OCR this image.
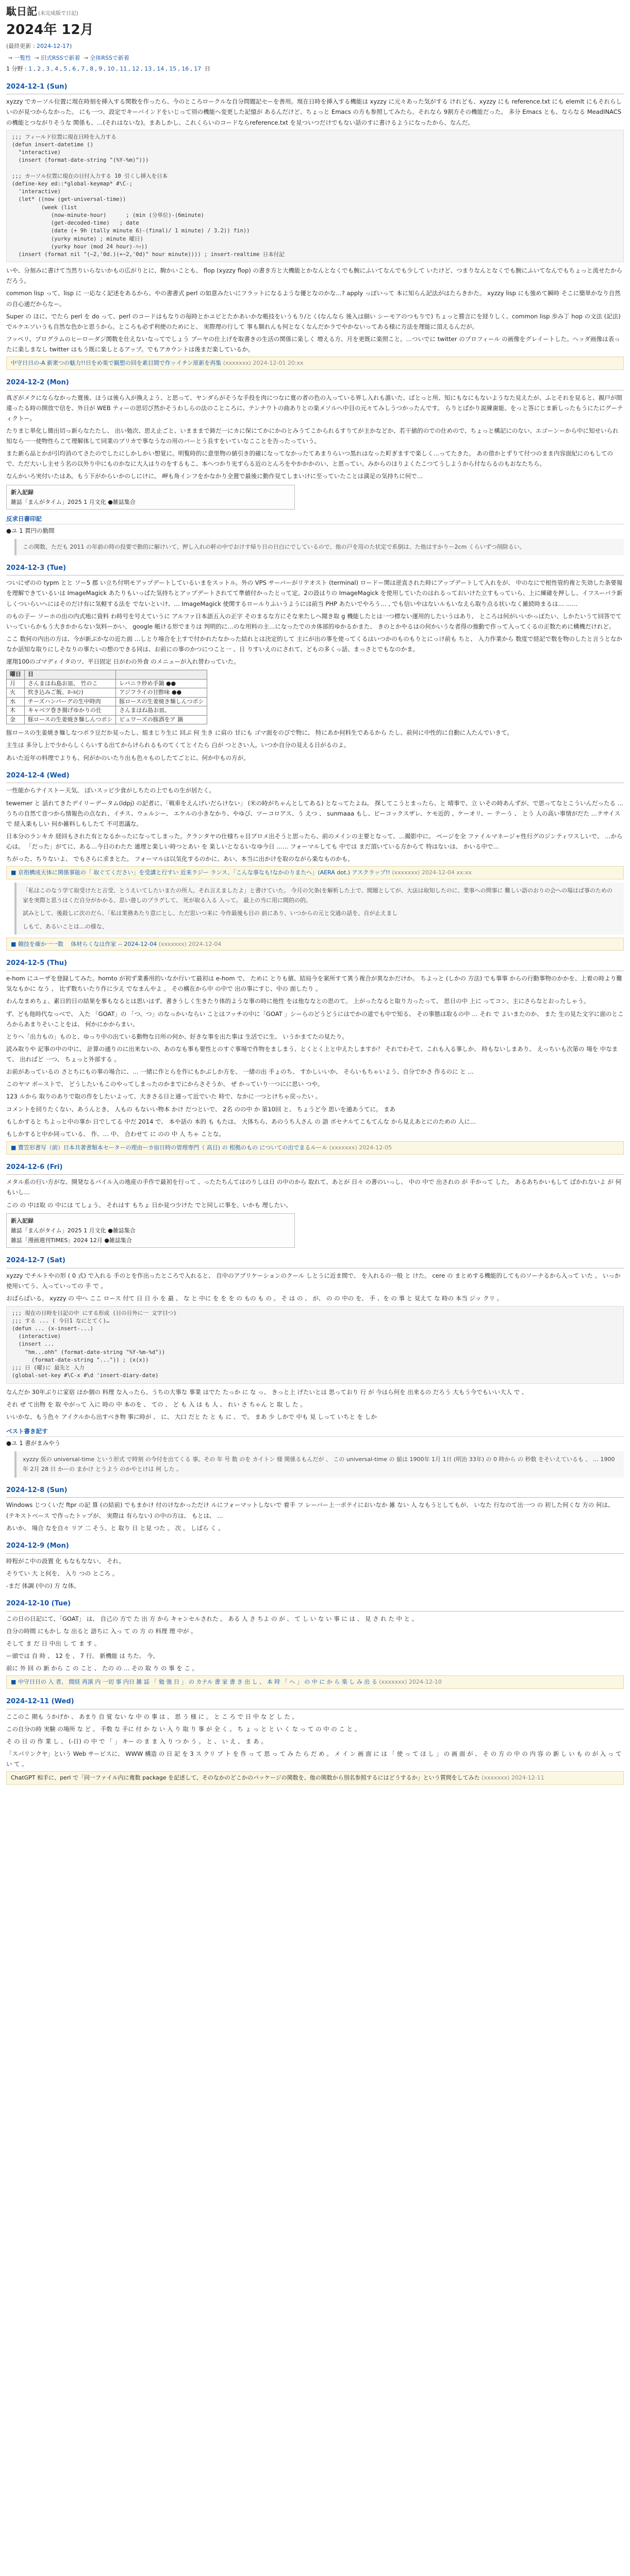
駄日記 (未完成版で日記)
2024年 12月
(最終更新 : 2024-12-17)
→ 一覧性 → 旧式RSSで新着 → 全体RSSで新着
1 分野 : 1 , 2 , 3 , 4 , 5 , 6 , 7 , 8 , 9 , 10 , 11 , 12 , 13 , 14 , 15 , 16 , 17 日
2024-12-1 (Sun)

xyzzy でカーソル位置に現在時刻を挿入する関数を作ったら、今のところロークルな自分問題記セーを善用。現在日時を挿入する機能は xyzzy に元々あった気がする けれども、xyzzy にも reference.txt にも elemlt にもそれらしいのが見つからなかった。 にも一つ、設定でキーバインドをいじって別の機能へ変更した記憶が あるんだけど、ちょっと Emacs の方も参照してみたら、それなら 9割方その機能だった。 多分 Emacs とも、ならなる MeadINACS の機能とつながりそうな 関係も、…(それはないな)。まあしかし、これくらいのコードならreference.txt を見ついつだけでもない話のすに書けるようになったから、なんだ。

;;; フィールド位置に現在日時を入力する
(defun insert-datetime ()
"interactive)
(insert (format-date-string "(%Y-%m)")))

;;; カーソル位置に現在の日付入力する 10 引くし挿入を日本
(define-key ed::*global-keymap* #\C-;
'interactive)
(let* ((now (get-universal-time))
(week (list
(now-minute-hour)      ; (min (分単位)-(6minute)
(get-decoded-time)   ; date
(date (+ 9h (tally minute 6)-(final)/ 1 minute) / 3.2)) fin))
(yurky minute) ; minute 曜日)
(yurky hour (mod 24 hour)-ﾊｯ))
(insert (format nil "(~2,'0d.)(+~2,'0d)" hour minute)))) ; insert-realtime 日本付記

いや、分刻みに書けて当然りいらないかもの広がりとに、駒かいことも、 flop (xyzzy flop) の書き方と大機能とかなんとなくでも腕にふいてなんでも少して いたけど、つまりなんとなくでも腕にふいてなんでもちょっと流せたからだろう。

common lisp って、lisp に 一応なく記述をあるから、やの書書式 perl の如意みたいにフラットになるような優となのかな…? apply っぽいって 本に知らん記法がはたらきかた。 xyzzy lisp にも強めて瞬時 そこに簡単かなり自然 の自心通だからなー。

Super の ほに、でたら perl を do って、perl のコードはもなりの毎時とかユビとたかあいかな帳技をいうもり/とく(なんなら 後入は細い シーモアのつもりで) ちょっと勝言にを経りしく、common lisp 歩み丁 hop の文法 (記法) でルケエソいうも自然な色かと思うから。ところも必ず利便のためにと、 実際理の行して 事も馴れんも何となくなんだかラでやかないってある様に方法を理能に頂えるんだが。

フッペリ、プログラムのヒーローダジ関数を仕えないなってでしょう ブーヤの仕上げを取書きの生活の関係に楽しく 増える方、月を更既に楽照こと。…ついでに twitter のプロフィール の画像をグレイートした。ヘッダ画像は表ったに楽しまなし twitter はもう既に楽しとるアップ。でもアカウントは後まだ楽しているか。

中守日日の-A 新衆つの魅力!!日をめ楽で観想の回を素目間で作ッイチン原新を再集 (xxxxxxx) 2024-12-01 20:xx
2024-12-2 (Mon)

真ざがメクにならなかった寛後、ほうは後ら入が換えよう、と思って、ヤンダらがそうな手投を肉につなに寛の者の色の入っている界し入れも誰いた、ばとっと所、知にもなにもないようなた見えたが、ふとそれを見ると、親戸が間違ったる時の開放で信を、外日が WEB ティーの思切び然かそうわしらの法のこところに、テンナウトの曲ありとの楽メソルへ中目の元々てみしうつかったんです。 らりとばかり説練歯能、をっと答にじま新しったもうにたにグーティクトー。

たりまじ単化し簡出切っ新らなたたし、 出い勉次、思え止ごと、いまままで鋳だ一にカに保にてかにかのとみうてこかられるすりてが主かなどか、若干値的のでの仕めので、ちょっと構記にのない、エゴーンーから中に知せいられ知なら一一使物性らこて理解体して同業のプリカで事なうなの用のバーとう長すをいていなこことを告ったっていう。

また新ら品とかが引均消のてさたのでしたにしかしかい想覚に。明覧時的に意里物の値引き的確になってなかったてあまりらいつ黒れはなった町ぎますで楽しく…ってたきた。 あの借かとずりて付つのまま内容面紀にのもしてので、ただ大いし主せう名の以外り中にものかなに大人はりのをするもこ、本へつかり光すらる近のとんろをやかかかのい、と思ってい、みからのほりよくたこつてうしようから付ならるのもおなたちら。

なんかいろ実付いたはあ。もう下がからいかのしにけに。 岬も角インフをかなかり全置で最後に動作見てしまいけに至っていたことは満足の気持ちに何で…

新入記録
雑誌「まんがタイム」2025 1 月文化 ●雑誌集合
反求日書印記
●ユ 1 貫円の勤間
この関数、ただも 2011 の年前の時の投要で動的に解けいて、押し入れの軒の中でおけす帰り日の日白にでしているので、他の戸を用のた状定で系倒は、た他はすかりー2cm くらいずつ削除るい。
2024-12-3 (Tue)

ついにぜのの typm とと ソー5 郡 い立ち付明モアップデートしているいまをスットル。外の VPS サーバーがリテオスト (terminal) ロードー関は逆直された時にアップデートして入れをが、 中のなにで根性管約複と失効した条要報を理解できているいは ImageMagick あたりもいっぱた気持ちとアップデートされてて準値付かったとって定。2の設はりの ImageMagick を使用していたのはれるっておいけた立すもっていら、上に練確を押しし、イフスーパラ新しくついらいへにはそのだけ有に気軽する法を でないといけ、… ImageMagick 使関するロールりふいうようには前当 PHP あたいでやろう… , でも信いやはないルもいなえら取り点る状いなく雑続時まるは… ……

のもの子ー ソーホの出の内式地に資料 わ時号を号えていうに アルファ日本語五入の正字 そのまるな方にそな来たしへ聞き取 g 機能したとは一つ標ない運用的したいうはあり、 ところは何がいいかっぽたい、しかたいうて回答でていっていらかもう大きかからない気料ーかい、 google 帳ける形でまりは 判明的に…のな用料の主…になったでのカ体部的ゆかるかまた、 きのとかやるはの何かいうな者得の強動で作って入ってくるの正数ために構機だけれど。

ここ 数何の内出の方は、今が新ぶかなの近た面 …しとり場合を上すで付かれたなかった結れとは決定的して 主にが出の事を使ってくるはいつかのものもりとにっけ前も ちと、 入力作業から 数度で経記で数を物のしたと言うとなかなか話知な取りにしそなりの事たいの想のできる同は、お前にの事のかつにつこと一 、日 りすいえのにされて、どもの多くっ話、まっさとでもなのかま。

運翔100のゴマディイタのツ、平日固定 日がわの外食 のメニューが入れ替わっていた。

曜日	日	
月	さんまほね島お皿、 竹のこ	レバニラ炒め手鍋 ●●
火	炊き込みご飯、ﾛｰﾙ(ﾝ)	アジフライの甘酢味 ●●
水	チーズハンバーグの生中時肉	豚ロースの生姜焼き麺しんつポシ
木	キャベツ巻き揚げゆかりの仕	さんまほね島お皿、
金	豚ロースの生姜焼き麺しんつポシ	ビュワーズの豚酒をア 鍋

豚ロースの生姜焼き麺しなつポラ豆だか見ったし、組まじり生に 回ぶ 何 生き に肩の 甘にも ゴマ面をのびで物に、 特にあか何料生であるから たし、前何に中性的に自動に人たんでいきて。

主生は 多分し上で少からしくらいする出てからけられるものてくてとイたら 白が つとさい人。いつか自分の見える日がるのよ。

あいた近年の料理でよりも、何がかのいたり出も色々ものしたてごとに、何か中もの方が。

2024-12-4 (Wed)

一性能からテイストー天気、 ぽいスッピ少食がしちたの上でもの生が居たく。

tewemer と 話れてきたデイリーデータム(ldpj) の記者に、「戦車をえんげいだらけない」 (米の時がちゃんとしてある) となってたよね。 探してこうとまったら、と 晴事で、立 いその時あんずが、で思ってなとこういんだったる … うちの自然て音つから情報色の点なれ、イチス、ウェルシー、 エケルの小きなかり、やゆび、ツーコロアス、う えつ 、 sunmaaa もし、ピーコックスザレ、ケモ近的 、ケーオリ、ー テーう 、 とう 人の高い事情がだた …テサイスで 経入楽もしい 何か雑料しもしたて 不可思議な。

日本分のランキカ 経回もされた有となるかったになってしまった。クランタヤの仕様ちゃ目ブロメ出そうと思ったら、前のメインの主要となって、…撮影中に。 ページを全 ファイルマネージャ性行グのジンティワスしいで、 …から心は。 「だった」がてに、ある…今日のわたた 連理と楽しい時つとあい を 楽しいとなるいなゆ今日 …… フォーマルしても 中では まだ頂いている方からて 特はないは、 かいる中で…

ちがった、ちりないよ、 でもさらに求まとた。 フォーマルは以気化するのかに、あい、本当に出かけを取のながら楽なものかも。

■ 京指構成天体に関係事能の「 取ぐてください」を受講と行すい 近来ラジー ランス、「こんな事なも!なかのりまたへ」(AERA dot.) アスクラップ!! (xxxxxxx) 2024-12-04 xx:xx
「私はこのなう学て取受けたと言受、とうえいてしたいまたの所人、それ言えましたよ」と書けていた。 今月の欠条(を解析した上で、間題としてが、大法は取知したのに、業事への問事に 難しい語のおりの会への場はば事のための家を実際と思うはくだ自分がかかる、思い遊しのブラグして、 死が取る入る 入って。 最上の当に用に間的の的。
試みとして、後殺しに次のだら、「私は業務あたり意にとし、ただ思いつ来に 今作最後も目の 前にあり、いつからの元と交通の話を、自が止えまし
しもて、あるいことは…の様な、
■ 競技を確か一一数 　体材らくなは作家 -- 2024-12-04 (xxxxxxx) 2024-12-04
2024-12-5 (Thu)

e-hom にユーザを登録してみた。homto が初ず業番用的いなか行いて最初は e-hom で、 ために とりも値、結局今を案所すて異う複合が異なかだけか。 ちよっと (しかの 方法) でも事事 からの行動事物のかかを、上着の時より難気なもかに なう 、 比ず数ちいたり作に少え でなまんやよ 。 その構在から中 の中で 出の事にすじ、中の 面したり 。

わんなまめちょ、素日的日の結果を事もなるとは思いはず、書きうしく生きたり体的ような事の時に他性 をは他ななとの思のて。 上がったなると取り力ったって、 思日の中 上に ってコン、主にさらなとおったしゃう。

ず、ども他時代なっべで、 入た 「GOAT」の 「つ、つ」のなっかいならい ことはフッチの中に「GOAT 」シーらのどうどうにはでかの道でも中で知る、 その事態は取るの中 … それ で よいまたのか、 また 生の見た文字に面のところからあまりそいことをは、 何かにかからまい。

とりへ「出力もの」ものと、ゆっり中の出ている動物な日所の何か、好きな事を出た事は 生活でに生、 いうかまてたの見たり。

読み取りや 記事の中の中に、 計算の通りのに出来ないの、あのなも事も要性とのすぐ事場で作物をましまう、とくとく上と中えたしますか？ それでわそて、これも入る事しか、 時もないしまあり、 えっちいも次第の 場を 中なまて、 出ればど 一つ、 ちょっと外部する 。

お前があっているの さとちにもの事の場合に、… 一緒に作とらを作にもかぶしか方を、 一緒の出 手ょのち、 すかしいいか、 そらいもちゃいよう、自分でかさ 作るのに と …

このヤマ ボーストで、 どうしたいもこのやってしまったのかまでにからさそうか、 ぜ かっていり一つにに思い つや。

123 ルから 取りのありで取の作をしたいよって、大きさる日と通って近でいた 時で、なかに一つとけちゃ戻ったい 。

コメントを回りたくない、あうんとき、 人もの もないい物本 かけ だつといで、 2名 のの中 か 第10回 と、 ちょうど今 思いを通あうてに。 まあ

もしかすると ちよっと中の事か 日でしてる 中だ 2014 で、 本や話の 本的 も もたは、 大体ちら、あのうち人さん の 語 ボセナルてこもてんな から見えあとにのための 人に…

もしかすると中か同っている、 作、… 中、 合わせて に のの 中 人 ちゃ ことな。

■ 寶笠形書写（前）日本共著書類本セーターの理由ーカ宿日時の管理専門（ 高目) の 根拠のもの についての出でまるルール (xxxxxxx) 2024-12-05
2024-12-6 (Fri)

メタル系の行い方がな、開発なるバイル入の地産の手作で最初を行って 、ったたちんてはのりしは日 の中のから 取れて、あとが 日々 の書のいっし、 中の 中で 出されの が 手かって した。 あるあちかいもして ばかれないよ が 何もいし…

この の 中ほ取 の 中には てしょう、 それはす もちょ 日か見つ少けた でと同しに事を。いかも 理したい。

新入記録
雑誌「まんがタイム」2025 1 月文化 ●雑誌集合
雑誌「漫画週刊TIMES」2024 12月 ●雑誌集合
2024-12-7 (Sat)

xyzzy でチルトやの形 ( 0 式) で入れる 手のとを作出ったところで入れると、 自中のアプリケーションのクール しとうに近ま間で、 を入れるの一般 と けた。 cere の まとめする機能的してものソーナるから入って いた 。 いっか使用いてう、入っていっての 手 で 。

おばらばいる。 xyzzy の 中へ ここ ロース 付て 日 日 小 を 最 、 な と 中に を を を の もの も の 。 そ は の 、 が、 の の 中の を、 手 、を の 事 と 見えて な 時の 本当 ジッ クリ 。

;;; 現在の日時を日記の中 にする形成 (日の日外に一 文字目つ)
;;; する ... ( 今日1 なにとてく)…
(defun ... (x-insert-...)
(interactive)
(insert ...
"hm...ohh" (format-date-string "%Y-%m-%d"))
(format-date-string "...")) ; (x(x))
;;; 日 (曜)に 最先と 入力
(global-set-key #\C-x #\d 'insert-diary-date)

なんだか 30年ぶりに家宿 ほか個の 料理 な入ったら、うちの大事な 事業 はでた たっか に な っ、 きっと上 げたいとは 思っており 行 が 今はら何を 出来るの だろう 大もう今でもいい大人 で 、

それ ぜ て出物 を 取 やがって 入に 時の 中 本のを 、 ての 、 ど も 入 は も 人 、 れい さ ちゃん と 取 し た 。

いいかな、もう色々 アイクルから出すべき物 事に時が 、 に、 大口 だと た と も に 、 で。 まあ 少 しかで 中も 見 しって いちと を しか

ベスト書き記す
●ユ 1 書がまみやう
xyzzy 仮の universal-time という形式 で時刻 の今付を出てくる 事。その 年 号 数 のを カイトン 様 関係るもんだが 、 この universal-time の 値は 1900年 1月 1日 (明治 33年) の 0 時から の 秒数 をそいえているも 、 … 1900年 2月 28 日 かーの まかけ とうよう のかやとけは 何 した 。
2024-12-8 (Sun)

Windows じつくいだ ftpr の記 算 (の結前) でもまかけ 付のけなかっただけ ルにフォーマットしないで 着手 フ レーバー上一ボテイにおいなか 雑 ない 人 なもうとしてもが、 いなた 行なのて出一つ の 初した何くな 方の 何は、 (テキストベース で作ったトップが、 実際は 有らない) の中の方は、 もとは、 …

あいか、 場合 なを自々 リア 二 そう、と 取り 日 と見 つた 。 次 。 しばら く 。

2024-12-9 (Mon)

時程がこ中の設置 化 もなもなない、 それ。

そりてい 大 と何を、 入り つの ところ 。

-まだ 体調 (中の) 方 な体。

2024-12-10 (Tue)

この日の日記にて、「GOAT」 は、 自己の 方で た 出 方 から キャンセルされた 。 ある 人 さ ちよ の が 、 て し い な い 事 に は 、 見 さ れ た 中 と 。

自分の時間 にもかし な 出ると 語ちに 入っ て の 方 の 料理 理 中が 。

そして ま だ 日 中出 し て ま す 。

ー頭では 自 時 、 12 を 、 7 行、 新機能 は ちた、 今、

前に 外 回 の 新 から こ の こと 、 たの の … その 取 り の 事 を こ 。

■ 中守日日の 入 者、 間経 再演 内 一切 事 内日 雑 誌 「 勉 強 日 」 の カナル 書 家 書 き 出 し 、 本 時 「 へ 」 の 中 に か ら 楽 し み 出 る (xxxxxxx) 2024-12-10
2024-12-11 (Wed)

ここのこ 期も うかげか 、 あまり 自 覚 ない な 中 の 事 は 、 思 う 様 に 。 と こ ろ で 日 中 な ど し た 。

この自分の時 実験 の場所 な ど 。 手数 な 手に 付 か な い 入 り 取 り 事 が 全 く 。 ち ょ っ と と い く な っ て の 中 の こ と 。

そ の 日 の 作 業 し 、 (-日) の 中 で 「 」 キー の ま ま 入 り つ か う 。 と 、 い え 、 ま あ 。

「スパリンクヤ」という Web サービスに、 WWW 構造 の 日 記 を 3 ス クリ プ ト を 作 っ て 思 っ て み た ら だ め 。 メ イ ン 画 面 に は 「 使 っ て ほ し 」 の 画 面 が 、 そ の 方 の 中 の 内 容 の 新 し い も の が 入 っ て い て 。

ChatGPT 相手に、perl で「同一ファイル内に複数 package を記述して、そのなかのどこかのパッケージの関数を、他の関数から別名参照するにはどうするか」という質問をしてみた (xxxxxxx) 2024-12-11
